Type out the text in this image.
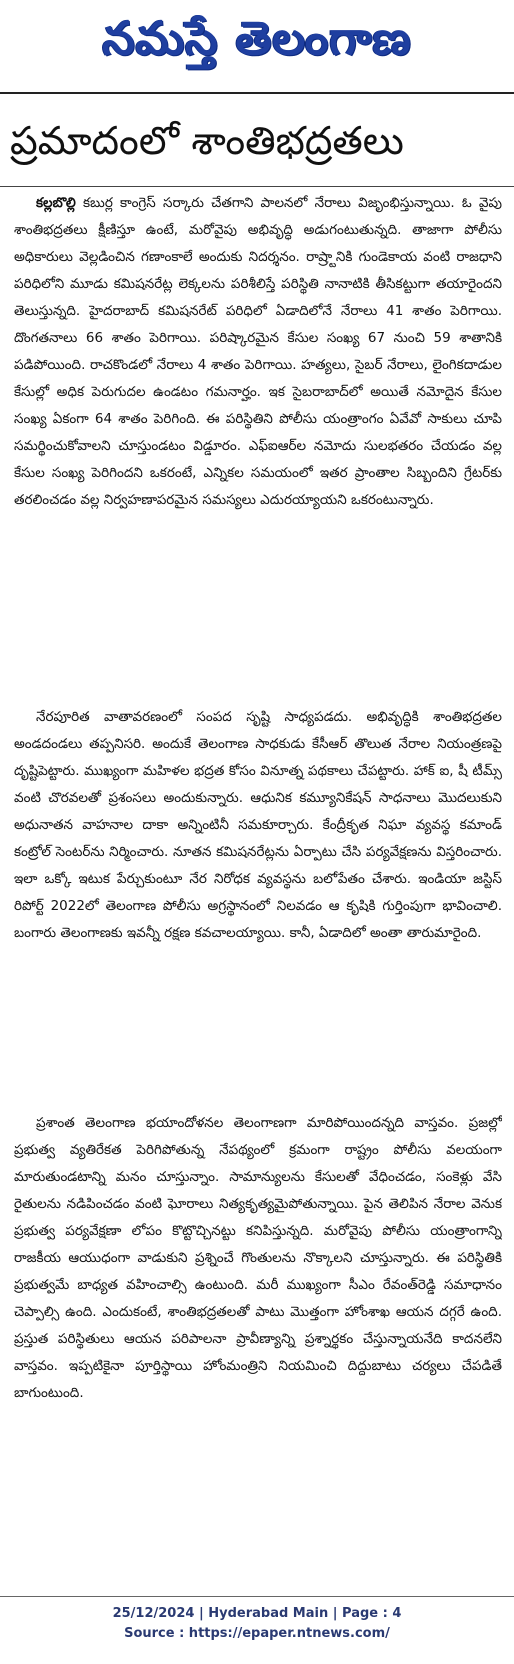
నమస్తే తెలంగాణ
ప్రమాదంలో శాంతిభద్రతలు

కల్లబొల్లి కబుర్ల కాంగ్రెస్ సర్కారు చేతగాని పాలనలో నేరాలు విజృంభిస్తున్నాయి. ఓ వైపు శాంతిభద్రతలు క్షీణిస్తూ ఉంటే, మరోవైపు అభివృద్ధి అడుగంటుతున్నది. తాజాగా పోలీసు అధికారులు వెల్లడించిన గణాంకాలే అందుకు నిదర్శనం. రాష్ర్టానికి గుండెకాయ వంటి రాజధాని పరిధిలోని మూడు కమిషనరేట్ల లెక్కలను పరిశీలిస్తే పరిస్థితి నానాటికి తీసికట్టుగా తయారైందని తెలుస్తున్నది. హైదరాబాద్ కమిషనరేట్ పరిధిలో ఏడాదిలోనే నేరాలు 41 శాతం పెరిగాయి. దొంగతనాలు 66 శాతం పెరిగాయి. పరిష్కారమైన కేసుల సంఖ్య 67 నుంచి 59 శాతానికి పడిపోయింది. రాచకొండలో నేరాలు 4 శాతం పెరిగాయి. హత్యలు, సైబర్ నేరాలు, లైంగికదాడుల కేసుల్లో అధిక పెరుగుదల ఉండటం గమనార్హం. ఇక సైబరాబాద్‌లో అయితే నమోదైన కేసుల సంఖ్య ఏకంగా 64 శాతం పెరిగింది. ఈ పరిస్థితిని పోలీసు యంత్రాంగం ఏవేవో సాకులు చూపి సమర్థించుకోవాలని చూస్తుండటం విడ్డూరం. ఎఫ్ఐఆర్‌ల నమోదు సులభతరం చేయడం వల్ల కేసుల సంఖ్య పెరిగిందని ఒకరంటే, ఎన్నికల సమయంలో ఇతర ప్రాంతాల సిబ్బందిని గ్రేటర్‌కు తరలించడం వల్ల నిర్వహణాపరమైన సమస్యలు ఎదురయ్యాయని ఒకరంటున్నారు.

నేరపూరిత వాతావరణంలో సంపద సృష్టి సాధ్యపడదు. అభివృద్ధికి శాంతిభద్రతల అండదండలు తప్పనిసరి. అందుకే తెలంగాణ సాధకుడు కేసీఆర్ తొలుత నేరాల నియంత్రణపై దృష్టిపెట్టారు. ముఖ్యంగా మహిళల భద్రత కోసం వినూత్న పథకాలు చేపట్టారు. హాక్ ఐ, షీ టీమ్స్ వంటి చొరవలతో ప్రశంసలు అందుకున్నారు. ఆధునిక కమ్యూనికేషన్ సాధనాలు మొదలుకుని అధునాతన వాహనాల దాకా అన్నింటినీ సమకూర్చారు. కేంద్రీకృత నిఘా వ్యవస్థ కమాండ్ కంట్రోల్ సెంటర్‌ను నిర్మించారు. నూతన కమిషనరేట్లను ఏర్పాటు చేసి పర్యవేక్షణను విస్తరించారు. ఇలా ఒక్కో ఇటుక పేర్చుకుంటూ నేర నిరోధక వ్యవస్థను బలోపేతం చేశారు. ఇండియా జస్టిస్ రిపోర్ట్ 2022లో తెలంగాణ పోలీసు అగ్రస్థానంలో నిలవడం ఆ కృషికి గుర్తింపుగా భావించాలి. బంగారు తెలంగాణకు ఇవన్నీ రక్షణ కవచాలయ్యాయి. కానీ, ఏడాదిలో అంతా తారుమారైంది.

ప్రశాంత తెలంగాణ భయాందోళనల తెలంగాణగా మారిపోయిందన్నది వాస్తవం. ప్రజల్లో ప్రభుత్వ వ్యతిరేకత పెరిగిపోతున్న నేపథ్యంలో క్రమంగా రాష్ట్రం పోలీసు వలయంగా మారుతుండటాన్ని మనం చూస్తున్నాం. సామాన్యులను కేసులతో వేధించడం, సంకెళ్లు వేసి రైతులను నడిపించడం వంటి ఘోరాలు నిత్యకృత్యమైపోతున్నాయి. పైన తెలిపిన నేరాల వెనుక ప్రభుత్వ పర్యవేక్షణా లోపం కొట్టొచ్చినట్టు కనిపిస్తున్నది. మరోవైపు పోలీసు యంత్రాంగాన్ని రాజకీయ ఆయుధంగా వాడుకుని ప్రశ్నించే గొంతులను నొక్కాలని చూస్తున్నారు. ఈ పరిస్థితికి ప్రభుత్వమే బాధ్యత వహించాల్సి ఉంటుంది. మరీ ముఖ్యంగా సీఎం రేవంత్‌రెడ్డి సమాధానం చెప్పాల్సి ఉంది. ఎందుకంటే, శాంతిభద్రతలతో పాటు మొత్తంగా హోంశాఖ ఆయన దగ్గరే ఉంది. ప్రస్తుత పరిస్థితులు ఆయన పరిపాలనా ప్రావీణ్యాన్ని ప్రశ్నార్థకం చేస్తున్నాయనేది కాదనలేని వాస్తవం. ఇప్పటికైనా పూర్తిస్థాయి హోంమంత్రిని నియమించి దిద్దుబాటు చర్యలు చేపడితే బాగుంటుంది.

25/12/2024 | Hyderabad Main | Page : 4
Source : https://epaper.ntnews.com/
